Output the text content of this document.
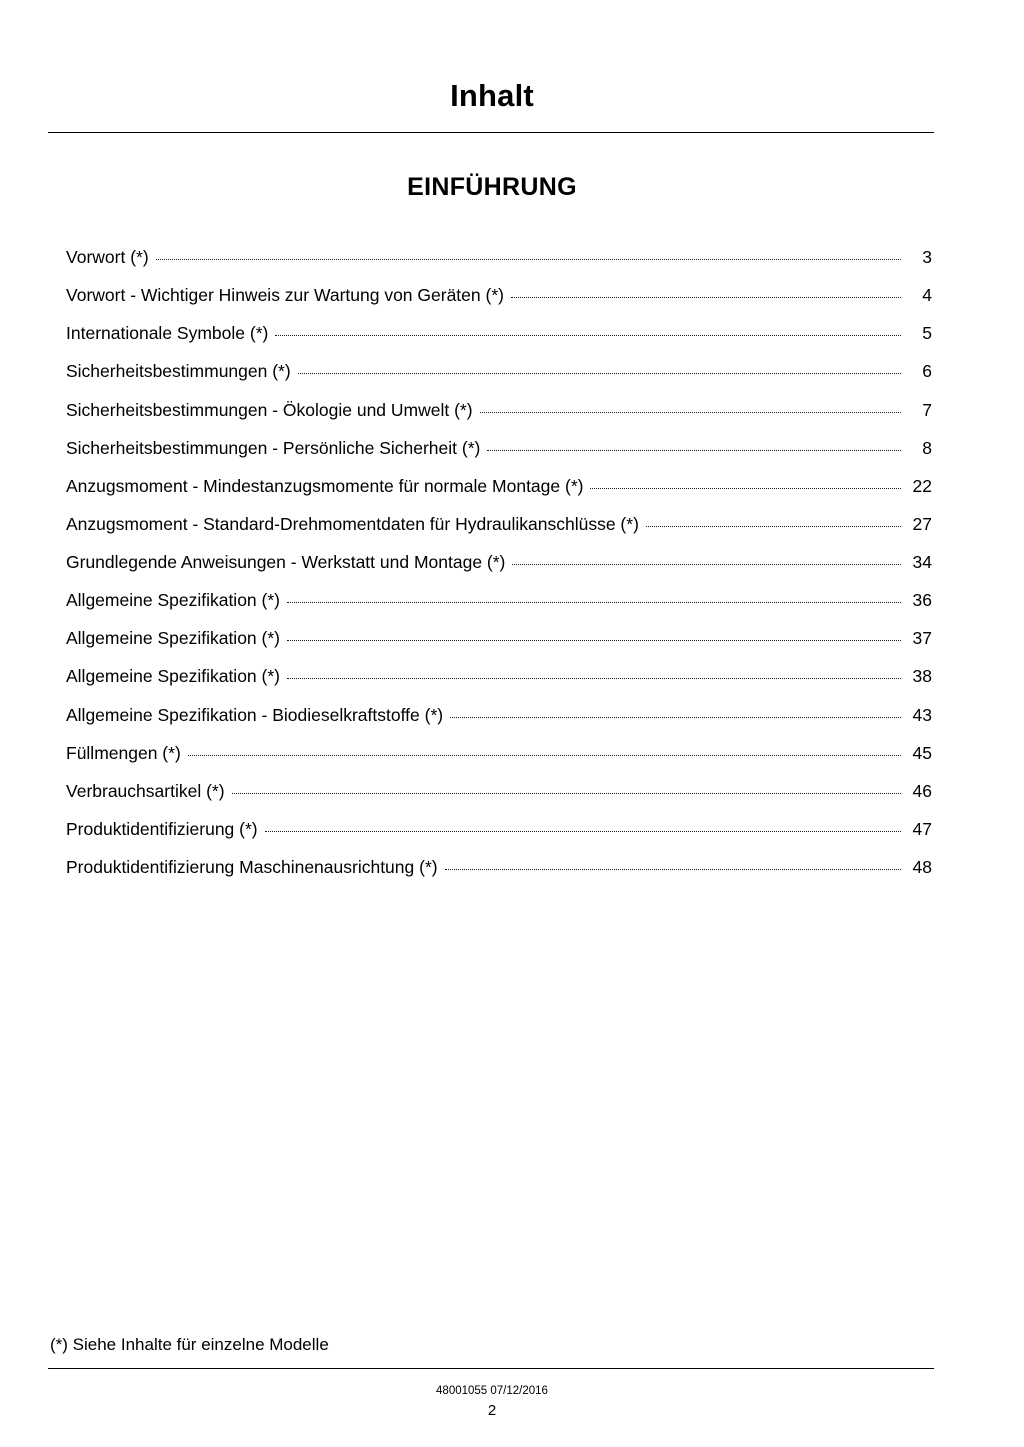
Inhalt
EINFÜHRUNG
Vorwort (*)	3
Vorwort - Wichtiger Hinweis zur Wartung von Geräten (*)	4
Internationale Symbole (*)	5
Sicherheitsbestimmungen (*)	6
Sicherheitsbestimmungen - Ökologie und Umwelt (*)	7
Sicherheitsbestimmungen - Persönliche Sicherheit (*)	8
Anzugsmoment - Mindestanzugsmomente für normale Montage (*)	22
Anzugsmoment - Standard-Drehmomentdaten für Hydraulikanschlüsse (*)	27
Grundlegende Anweisungen - Werkstatt und Montage (*)	34
Allgemeine Spezifikation (*)	36
Allgemeine Spezifikation (*)	37
Allgemeine Spezifikation (*)	38
Allgemeine Spezifikation - Biodieselkraftstoffe (*)	43
Füllmengen (*)	45
Verbrauchsartikel (*)	46
Produktidentifizierung (*)	47
Produktidentifizierung Maschinenausrichtung (*)	48
(*) Siehe Inhalte für einzelne Modelle
48001055 07/12/2016
2
